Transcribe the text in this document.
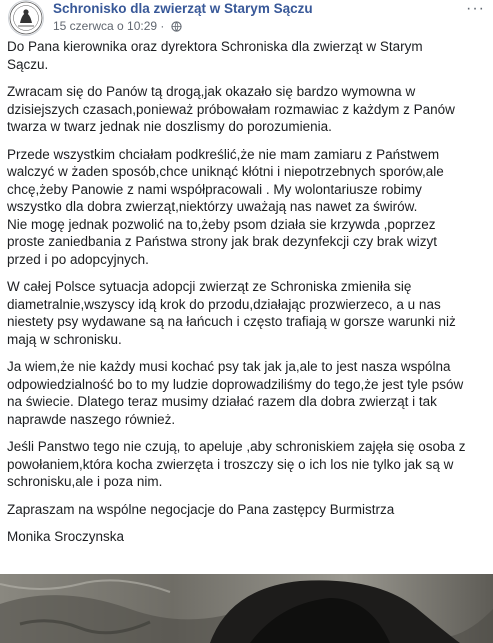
Schronisko dla zwierząt w Starym Sączu
15 czerwca o 10:29 ·
···

Do Pana kierownika oraz dyrektora Schroniska dla zwierząt w Starym
Sączu.

Zwracam się do Panów tą drogą,jak okazało się bardzo wymowna w
dzisiejszych czasach,ponieważ próbowałam rozmawiac z każdym z Panów
twarza w twarz jednak nie doszlismy do porozumienia.

Przede wszystkim chciałam podkreślić,że nie mam zamiaru z Państwem
walczyć w żaden sposób,chce uniknąć kłótni i niepotrzebnych sporów,ale
chcę,żeby Panowie z nami współpracowali . My wolontariusze robimy
wszystko dla dobra zwierząt,niektórzy uważają nas nawet za świrów.
Nie mogę jednak pozwolić na to,żeby psom działa sie krzywda ,poprzez
proste zaniedbania z Państwa strony jak brak dezynfekcji czy brak wizyt
przed i po adopcyjnych.

W całej Polsce sytuacja adopcji zwierząt ze Schroniska zmieniła się
diametralnie,wszyscy idą krok do przodu,działając prozwierzeco, a u nas
niestety psy wydawane są na łańcuch i często trafiają w gorsze warunki niż
mają w schronisku.

Ja wiem,że nie każdy musi kochać psy tak jak ja,ale to jest nasza wspólna
odpowiedzialność bo to my ludzie doprowadziliśmy do tego,że jest tyle psów
na świecie. Dlatego teraz musimy działać razem dla dobra zwierząt i tak
naprawde naszego również.

Jeśli Panstwo tego nie czują, to apeluje ,aby schroniskiem zajęła się osoba z
powołaniem,która kocha zwierzęta i troszczy się o ich los nie tylko jak są w
schronisku,ale i poza nim.

Zapraszam na wspólne negocjacje do Pana zastępcy Burmistrza

Monika Sroczynska
